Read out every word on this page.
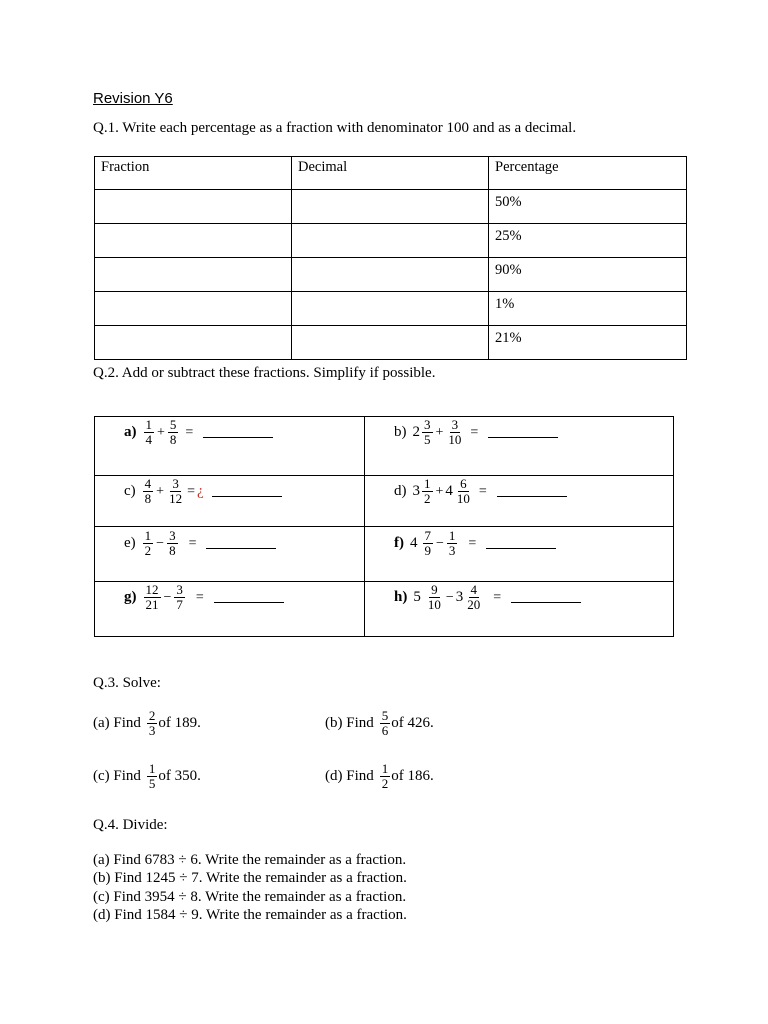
Revision Y6
Q.1. Write each percentage as a fraction with denominator 100 and as a decimal.
Fraction	Decimal	Percentage
		50%
		25%
		90%
		1%
		21%
Q.2. Add or subtract these fractions. Simplify if possible.
$a) \frac{1}{4} + \frac{5}{8}$ =	b) $2 \frac{3}{5} + \frac{3}{10}$ =
$c) \frac{4}{8} + \frac{3}{12}$ = ¿	d) $3 \frac{1}{2} + 4 \frac{6}{10}$ =
$e) \frac{1}{2} - \frac{3}{8}$ =	f) $4 \frac{7}{9} - \frac{1}{3}$ =
$g) \frac{12}{21} - \frac{3}{7}$ =	h) $5 \frac{9}{10} - 3 \frac{4}{20}$ =
Q.3. Solve:
(a) Find $\frac{2}{3}$ of 189.	(b) Find $\frac{5}{6}$ of 426.
(c) Find $\frac{1}{5}$ of 350.	(d) Find $\frac{1}{2}$ of 186.
Q.4. Divide:
(a) Find 6783 ÷ 6. Write the remainder as a fraction.
(b) Find 1245 ÷ 7. Write the remainder as a fraction.
(c) Find 3954 ÷ 8. Write the remainder as a fraction.
(d) Find 1584 ÷ 9. Write the remainder as a fraction.
